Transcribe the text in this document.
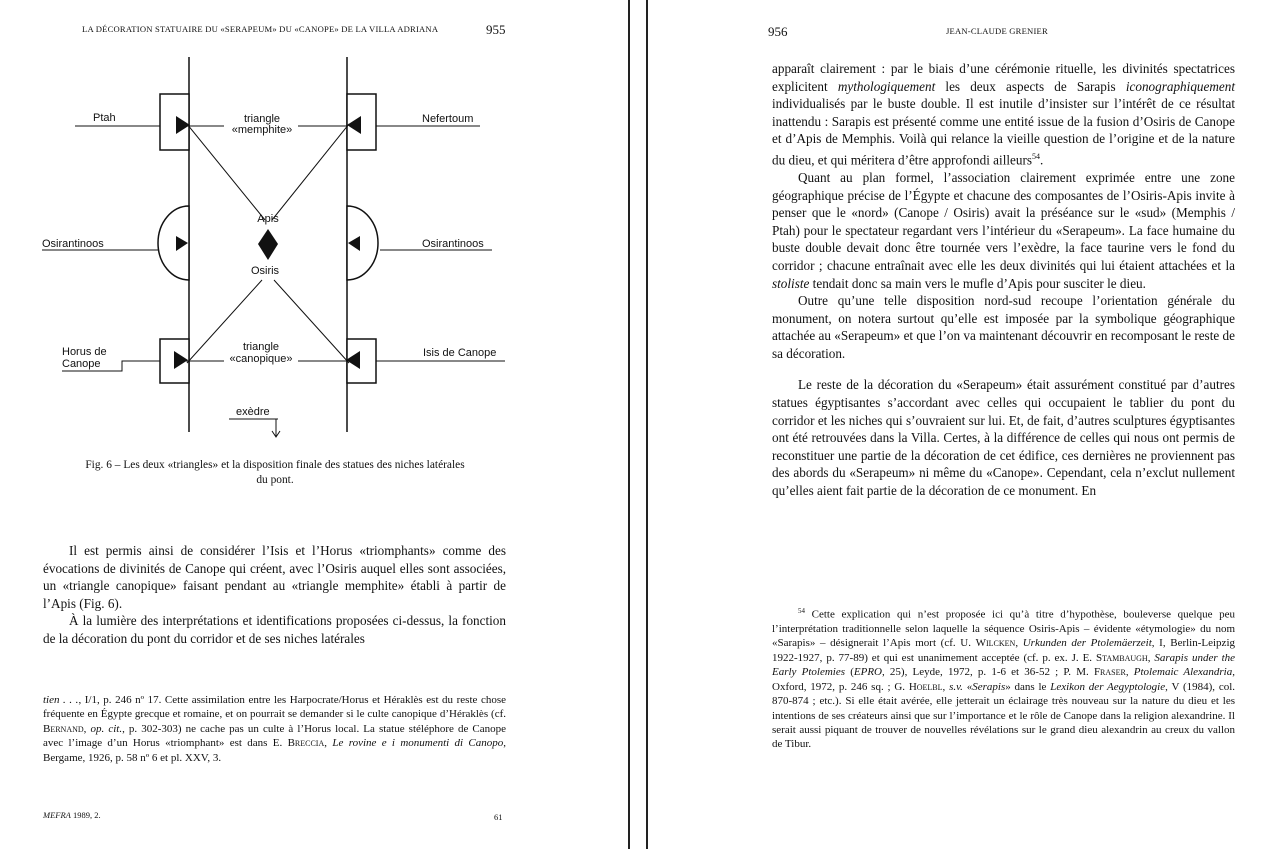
LA DÉCORATION STATUAIRE DU «SERAPEUM» DU «CANOPE» DE LA VILLA ADRIANA	955
Ptah	Nefertoum
triangle
«memphite»
Apis
Osiris
Osirantinoos	Osirantinoos
Horus de
Canope
Isis de Canope
triangle
«canopique»
exèdre
Fig. 6 – Les deux «triangles» et la disposition finale des statues des niches latérales
du pont.

Il est permis ainsi de considérer l’Isis et l’Horus «triomphants» comme des évocations de divinités de Canope qui créent, avec l’Osiris auquel elles sont associées, un «triangle canopique» faisant pendant au «triangle memphite» établi à partir de l’Apis (Fig. 6).

À la lumière des interprétations et identifications proposées ci-dessus, la fonction de la décoration du pont du corridor et de ses niches latérales

tien . . ., I/1, p. 246 nº 17. Cette assimilation entre les Harpocrate/Horus et Héraklès est du reste chose fréquente en Égypte grecque et romaine, et on pourrait se demander si le culte canopique d’Héraklès (cf. Bernand, op. cit., p. 302-303) ne cache pas un culte à l’Horus local. La statue stéléphore de Canope avec l’image d’un Horus «triomphant» est dans E. Breccia, Le rovine e i monumenti di Canopo, Bergame, 1926, p. 58 nº 6 et pl. XXV, 3.

MEFRA 1989, 2.	61
956	JEAN-CLAUDE GRENIER

apparaît clairement : par le biais d’une cérémonie rituelle, les divinités spectatrices explicitent mythologiquement les deux aspects de Sarapis iconographiquement individualisés par le buste double. Il est inutile d’insister sur l’intérêt de ce résultat inattendu : Sarapis est présenté comme une entité issue de la fusion d’Osiris de Canope et d’Apis de Memphis. Voilà qui relance la vieille question de l’origine et de la nature du dieu, et qui méritera d’être approfondi ailleurs$^{54}$.

Quant au plan formel, l’association clairement exprimée entre une zone géographique précise de l’Égypte et chacune des composantes de l’Osiris-Apis invite à penser que le «nord» (Canope / Osiris) avait la préséance sur le «sud» (Memphis / Ptah) pour le spectateur regardant vers l’intérieur du «Serapeum». La face humaine du buste double devait donc être tournée vers l’exèdre, la face taurine vers le fond du corridor ; chacune entraînait avec elle les deux divinités qui lui étaient attachées et la stoliste tendait donc sa main vers le mufle d’Apis pour susciter le dieu.

Outre qu’une telle disposition nord-sud recoupe l’orientation générale du monument, on notera surtout qu’elle est imposée par la symbolique géographique attachée au «Serapeum» et que l’on va maintenant découvrir en recomposant le reste de sa décoration.

Le reste de la décoration du «Serapeum» était assurément constitué par d’autres statues égyptisantes s’accordant avec celles qui occupaient le tablier du pont du corridor et les niches qui s’ouvraient sur lui. Et, de fait, d’autres sculptures égyptisantes ont été retrouvées dans la Villa. Certes, à la différence de celles qui nous ont permis de reconstituer une partie de la décoration de cet édifice, ces dernières ne proviennent pas des abords du «Serapeum» ni même du «Canope». Cependant, cela n’exclut nullement qu’elles aient fait partie de la décoration de ce monument. En

$^{54}$ Cette explication qui n’est proposée ici qu’à titre d’hypothèse, bouleverse quelque peu l’interprétation traditionnelle selon laquelle la séquence Osiris-Apis – évidente «étymologie» du nom «Sarapis» – désignerait l’Apis mort (cf. U. Wilcken, Urkunden der Ptolemäerzeit, I, Berlin-Leipzig 1922-1927, p. 77-89) et qui est unanimement acceptée (cf. p. ex. J. E. Stambaugh, Sarapis under the Early Ptolemies (EPRO, 25), Leyde, 1972, p. 1-6 et 36-52 ; P. M. Fraser, Ptolemaic Alexandria, Oxford, 1972, p. 246 sq. ; G. Hoelbl, s.v. «Serapis» dans le Lexikon der Aegyptologie, V (1984), col. 870-874 ; etc.). Si elle était avérée, elle jetterait un éclairage très nouveau sur la nature du dieu et les intentions de ses créateurs ainsi que sur l’importance et le rôle de Canope dans la religion alexandrine. Il serait aussi piquant de trouver de nouvelles révélations sur le grand dieu alexandrin au creux du vallon de Tibur.
